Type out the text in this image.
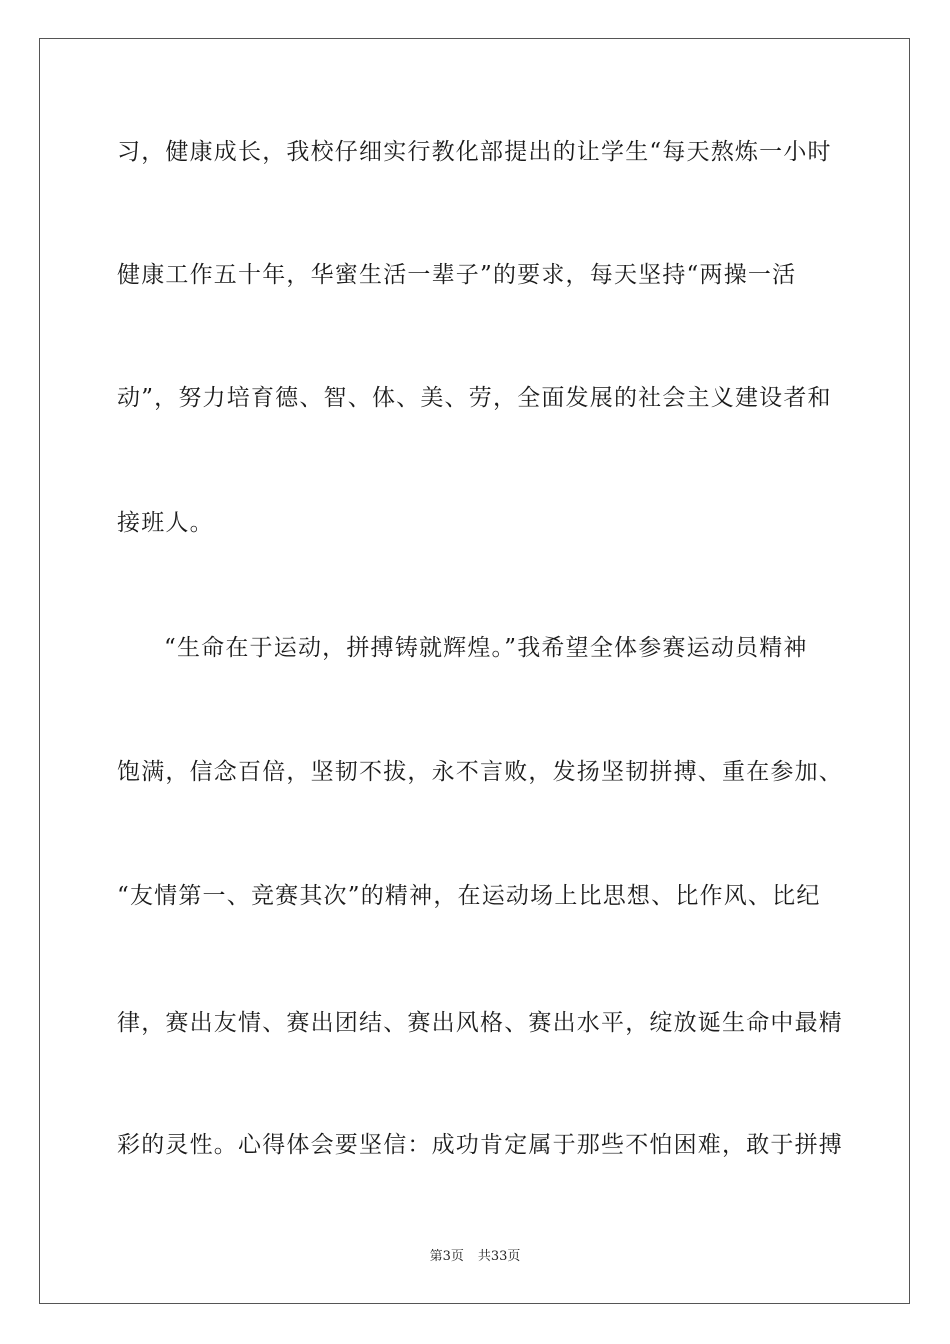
习，健康成长，我校仔细实行教化部提出的让学生“每天熬炼一小时
健康工作五十年，华蜜生活一辈子”的要求，每天坚持“两操一活
动”，努力培育德、智、体、美、劳，全面发展的社会主义建设者和
接班人。
“生命在于运动，拼搏铸就辉煌。”我希望全体参赛运动员精神
饱满，信念百倍，坚韧不拔，永不言败，发扬坚韧拼搏、重在参加、
“友情第一、竞赛其次”的精神，在运动场上比思想、比作风、比纪
律，赛出友情、赛出团结、赛出风格、赛出水平，绽放诞生命中最精
彩的灵性。心得体会要坚信：成功肯定属于那些不怕困难，敢于拼搏
第3页 共33页
